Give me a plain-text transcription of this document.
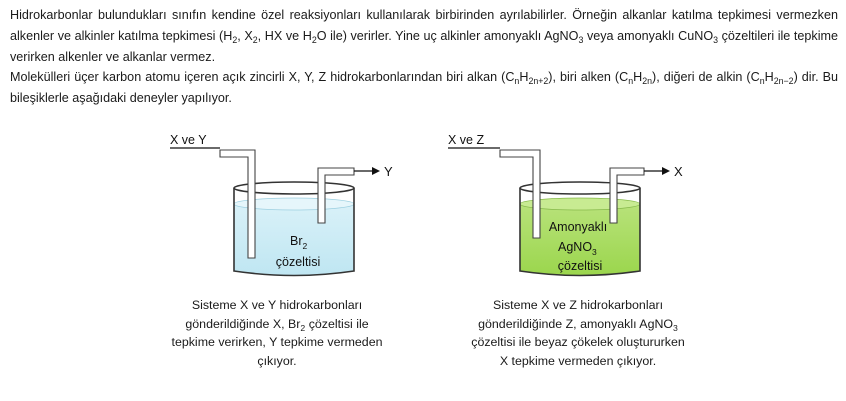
Hidrokarbonlar bulundukları sınıfın kendine özel reaksiyonları kullanılarak birbirinden ayrılabilirler. Örneğin alkanlar katılma tepkimesi vermezken alkenler ve alkinler katılma tepkimesi ($H_2$, $X_2$, HX ve $H_2O$ ile) verirler. Yine uç alkinler amonyaklı AgNO$_3$ veya amonyaklı CuNO$_3$ çözeltileri ile tepkime verirken alkenler ve alkanlar vermez.

Molekülleri üçer karbon atomu içeren açık zincirli X, Y, Z hidrokarbonlarından biri alkan $(C_nH_{2n+2})$, biri alken $(C_nH_{2n})$, diğeri de alkin $(C_nH_{2n-2})$ dir. Bu bileşiklerle aşağıdaki deneyler yapılıyor.

X ve Y
Y
$Br_2$
çözeltisi
X ve Z
X
Amonyaklı
AgNO$_3$
çözeltisi
Sisteme X ve Y hidrokarbonları gönderildiğinde X, $Br_2$ çözeltisi ile tepkime verirken, Y tepkime vermeden çıkıyor.
Sisteme X ve Z hidrokarbonları gönderildiğinde Z, amonyaklı AgNO$_3$ çözeltisi ile beyaz çökelek oluştururken X tepkime vermeden çıkıyor.
